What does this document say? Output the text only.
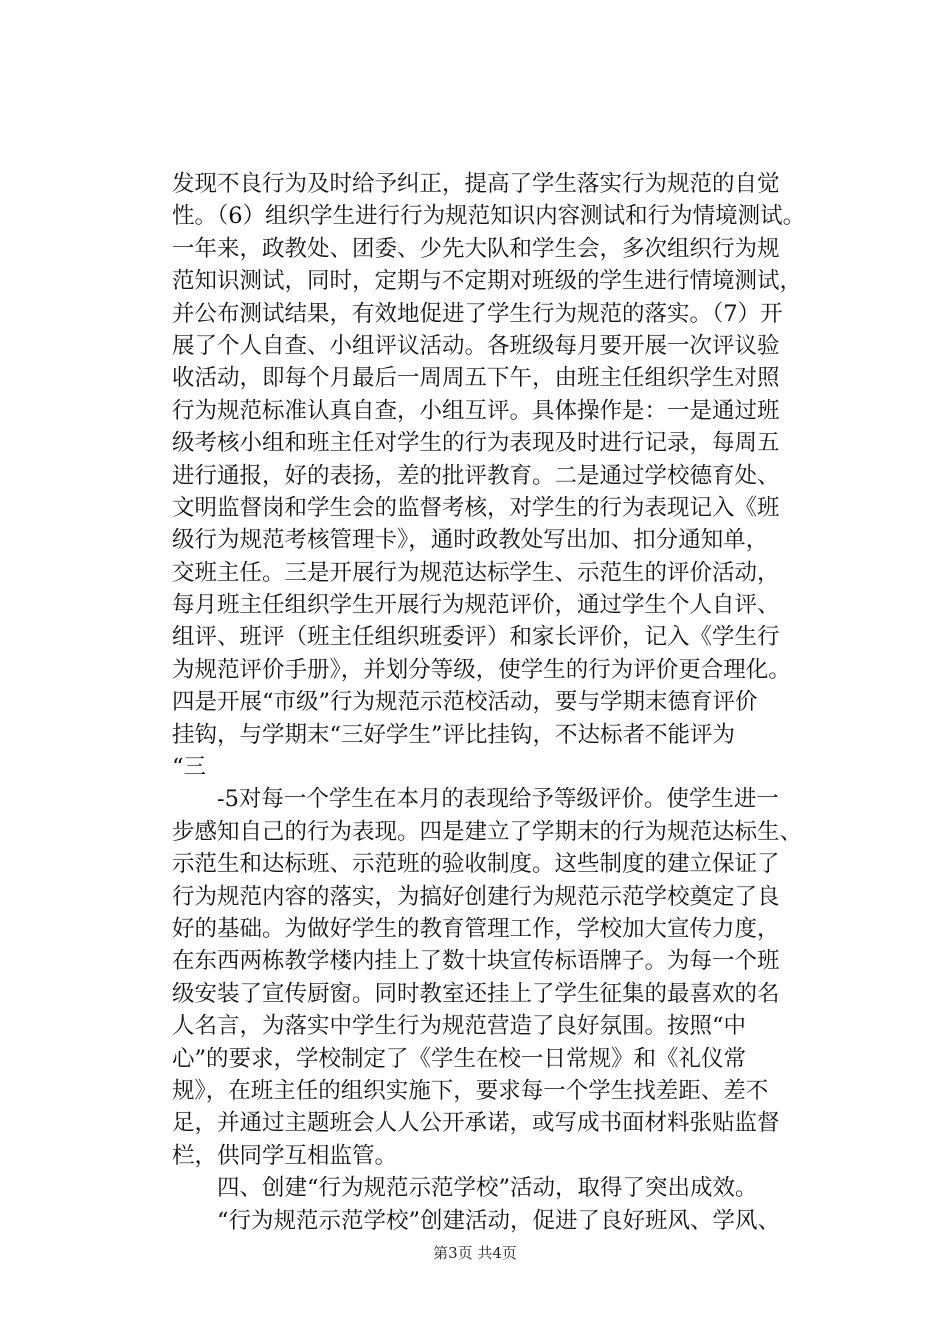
发现不良行为及时给予纠正，提高了学生落实行为规范的自觉
性。（6）组织学生进行行为规范知识内容测试和行为情境测试。
一年来，政教处、团委、少先大队和学生会，多次组织行为规
范知识测试，同时，定期与不定期对班级的学生进行情境测试，
并公布测试结果，有效地促进了学生行为规范的落实。（7）开
展了个人自查、小组评议活动。各班级每月要开展一次评议验
收活动，即每个月最后一周周五下午，由班主任组织学生对照
行为规范标准认真自查，小组互评。具体操作是：一是通过班
级考核小组和班主任对学生的行为表现及时进行记录，每周五
进行通报，好的表扬，差的批评教育。二是通过学校德育处、
文明监督岗和学生会的监督考核，对学生的行为表现记入《班
级行为规范考核管理卡》，通时政教处写出加、扣分通知单，
交班主任。三是开展行为规范达标学生、示范生的评价活动，
每月班主任组织学生开展行为规范评价，通过学生个人自评、
组评、班评（班主任组织班委评）和家长评价，记入《学生行
为规范评价手册》，并划分等级，使学生的行为评价更合理化。
四是开展“市级”行为规范示范校活动，要与学期末德育评价
挂钩，与学期末“三好学生”评比挂钩，不达标者不能评为
“三
-5对每一个学生在本月的表现给予等级评价。使学生进一
步感知自己的行为表现。四是建立了学期末的行为规范达标生、
示范生和达标班、示范班的验收制度。这些制度的建立保证了
行为规范内容的落实，为搞好创建行为规范示范学校奠定了良
好的基础。为做好学生的教育管理工作，学校加大宣传力度，
在东西两栋教学楼内挂上了数十块宣传标语牌子。为每一个班
级安装了宣传厨窗。同时教室还挂上了学生征集的最喜欢的名
人名言，为落实中学生行为规范营造了良好氛围。按照“中
心”的要求，学校制定了《学生在校一日常规》和《礼仪常
规》，在班主任的组织实施下，要求每一个学生找差距、差不
足，并通过主题班会人人公开承诺，或写成书面材料张贴监督
栏，供同学互相监管。
四、创建“行为规范示范学校”活动，取得了突出成效。
“行为规范示范学校”创建活动，促进了良好班风、学风、
第3页 共4页
